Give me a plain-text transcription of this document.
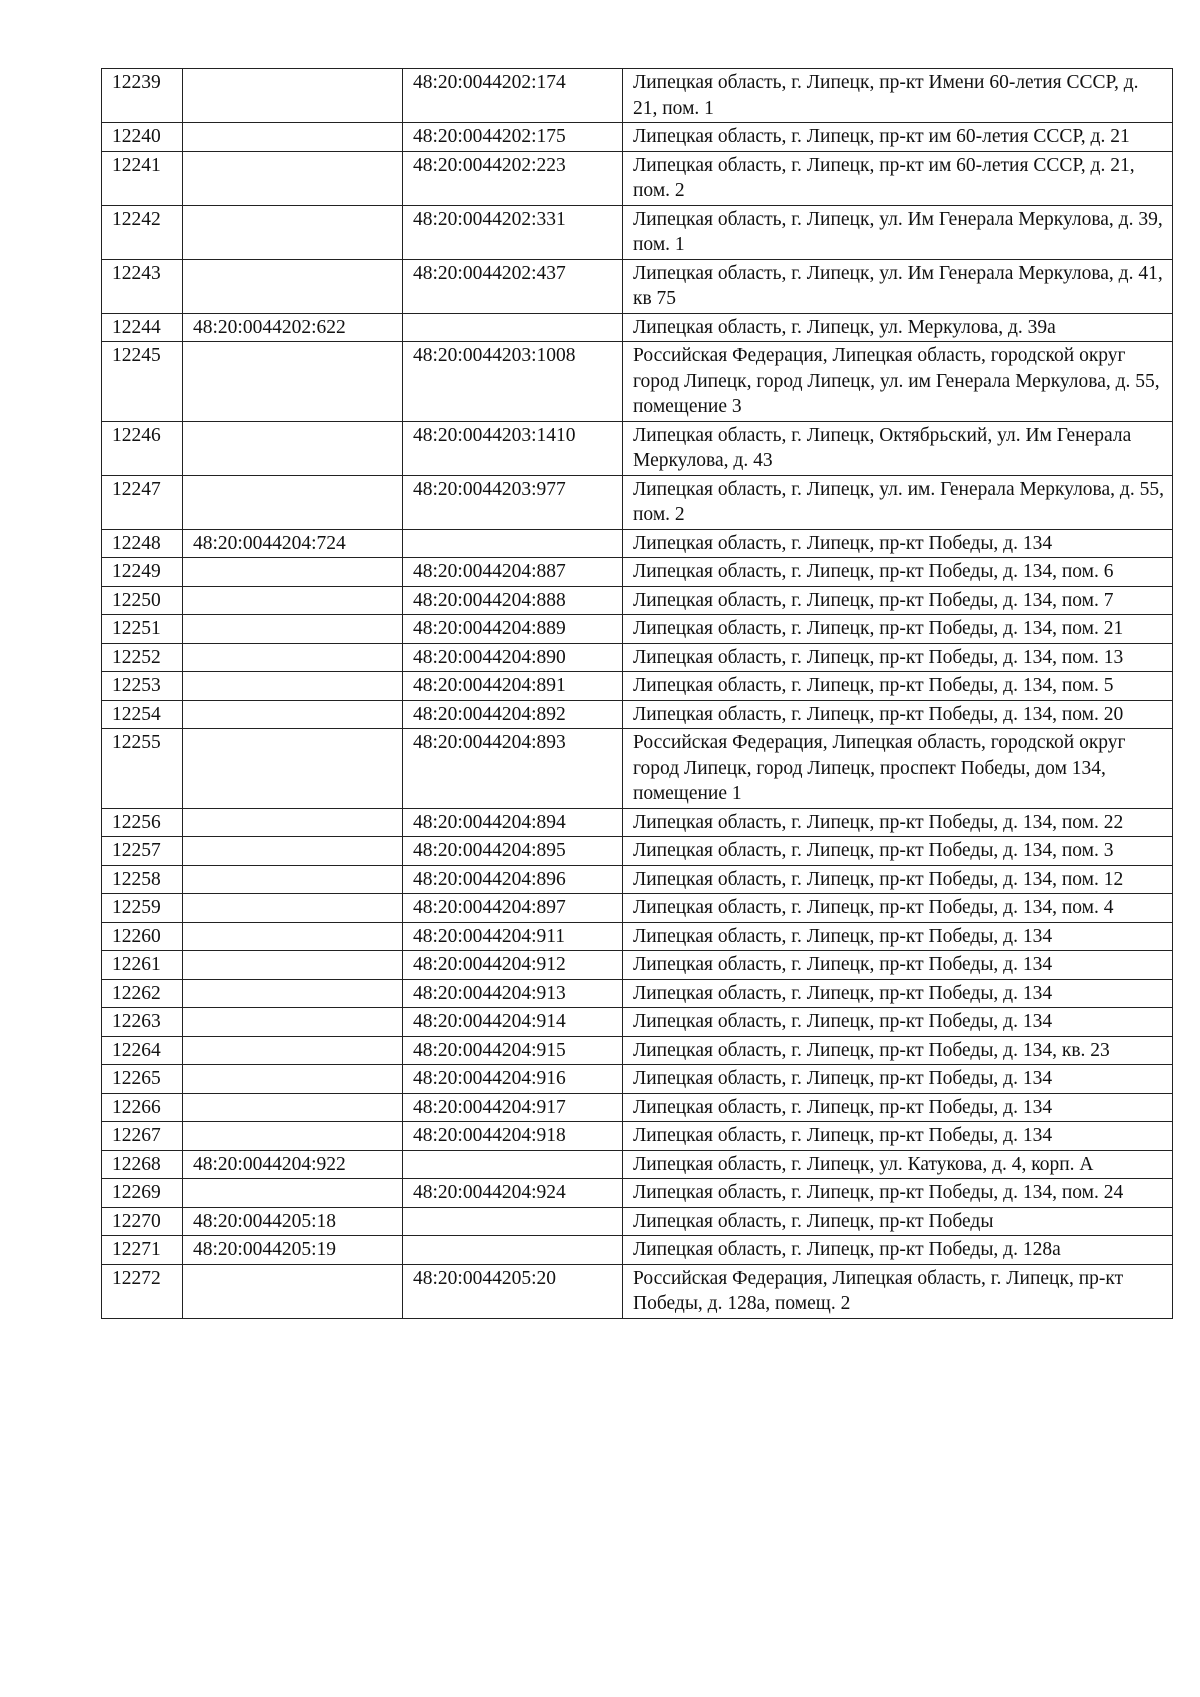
12239		48:20:0044202:174	Липецкая область, г. Липецк, пр-кт Имени 60-летия СССР, д. 21, пом. 1
12240		48:20:0044202:175	Липецкая область, г. Липецк, пр-кт им 60-летия СССР, д. 21
12241		48:20:0044202:223	Липецкая область, г. Липецк, пр-кт им 60-летия СССР, д. 21, пом. 2
12242		48:20:0044202:331	Липецкая область, г. Липецк, ул. Им Генерала Меркулова, д. 39, пом. 1
12243		48:20:0044202:437	Липецкая область, г. Липецк, ул. Им Генерала Меркулова, д. 41, кв 75
12244	48:20:0044202:622		Липецкая область, г. Липецк, ул. Меркулова, д. 39а
12245		48:20:0044203:1008	Российская Федерация, Липецкая область, городской округ город Липецк, город Липецк, ул. им Генерала Меркулова, д. 55, помещение 3
12246		48:20:0044203:1410	Липецкая область, г. Липецк, Октябрьский, ул. Им Генерала Меркулова, д. 43
12247		48:20:0044203:977	Липецкая область, г. Липецк, ул. им. Генерала Меркулова, д. 55, пом. 2
12248	48:20:0044204:724		Липецкая область, г. Липецк, пр-кт Победы, д. 134
12249		48:20:0044204:887	Липецкая область, г. Липецк, пр-кт Победы, д. 134, пом. 6
12250		48:20:0044204:888	Липецкая область, г. Липецк, пр-кт Победы, д. 134, пом. 7
12251		48:20:0044204:889	Липецкая область, г. Липецк, пр-кт Победы, д. 134, пом. 21
12252		48:20:0044204:890	Липецкая область, г. Липецк, пр-кт Победы, д. 134, пом. 13
12253		48:20:0044204:891	Липецкая область, г. Липецк, пр-кт Победы, д. 134, пом. 5
12254		48:20:0044204:892	Липецкая область, г. Липецк, пр-кт Победы, д. 134, пом. 20
12255		48:20:0044204:893	Российская Федерация, Липецкая область, городской округ город Липецк, город Липецк, проспект Победы, дом 134, помещение 1
12256		48:20:0044204:894	Липецкая область, г. Липецк, пр-кт Победы, д. 134, пом. 22
12257		48:20:0044204:895	Липецкая область, г. Липецк, пр-кт Победы, д. 134, пом. 3
12258		48:20:0044204:896	Липецкая область, г. Липецк, пр-кт Победы, д. 134, пом. 12
12259		48:20:0044204:897	Липецкая область, г. Липецк, пр-кт Победы, д. 134, пом. 4
12260		48:20:0044204:911	Липецкая область, г. Липецк, пр-кт Победы, д. 134
12261		48:20:0044204:912	Липецкая область, г. Липецк, пр-кт Победы, д. 134
12262		48:20:0044204:913	Липецкая область, г. Липецк, пр-кт Победы, д. 134
12263		48:20:0044204:914	Липецкая область, г. Липецк, пр-кт Победы, д. 134
12264		48:20:0044204:915	Липецкая область, г. Липецк, пр-кт Победы, д. 134, кв. 23
12265		48:20:0044204:916	Липецкая область, г. Липецк, пр-кт Победы, д. 134
12266		48:20:0044204:917	Липецкая область, г. Липецк, пр-кт Победы, д. 134
12267		48:20:0044204:918	Липецкая область, г. Липецк, пр-кт Победы, д. 134
12268	48:20:0044204:922		Липецкая область, г. Липецк, ул. Катукова, д. 4, корп. А
12269		48:20:0044204:924	Липецкая область, г. Липецк, пр-кт Победы, д. 134, пом. 24
12270	48:20:0044205:18		Липецкая область, г. Липецк, пр-кт Победы
12271	48:20:0044205:19		Липецкая область, г. Липецк, пр-кт Победы, д. 128а
12272		48:20:0044205:20	Российская Федерация, Липецкая область, г. Липецк, пр-кт Победы, д. 128а, помещ. 2
